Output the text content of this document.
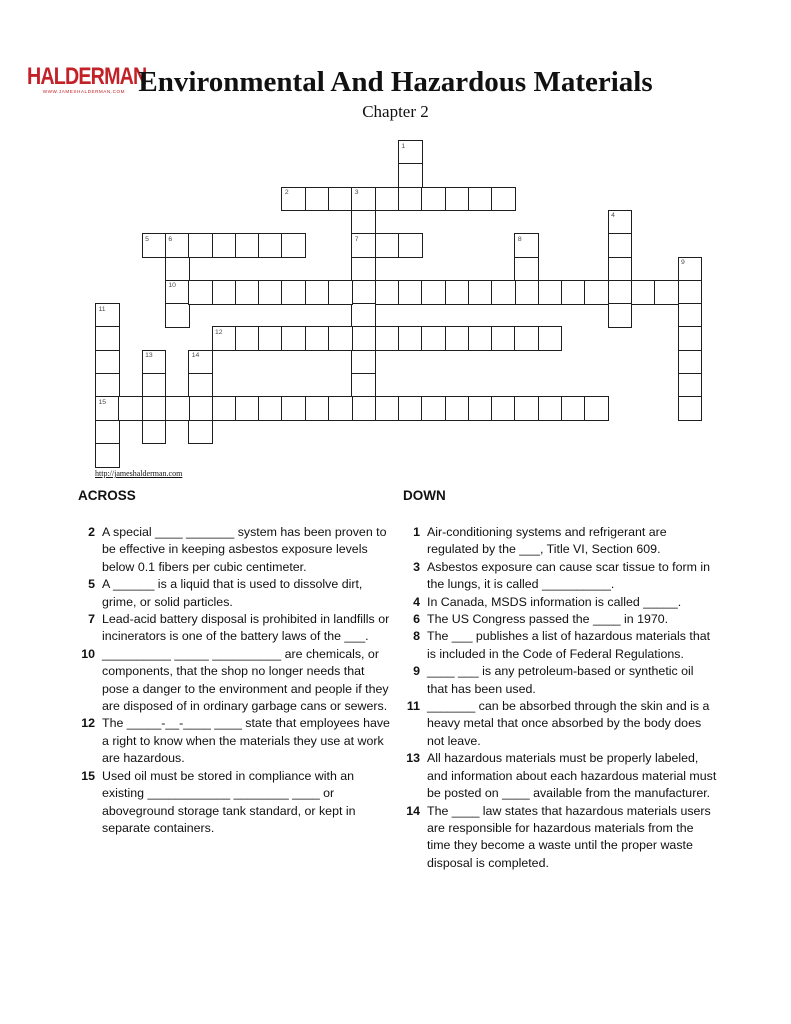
HALDERMAN
WWW.JAMESHALDERMAN.COM Environmental And Hazardous Materials
Chapter 2
1
2	3
7
4
5	6
10
8
9
11
15
12
13	14
http://jameshalderman.com
ACROSS	DOWN
2 A special ____ _______ system has been proven to be effective in keeping asbestos exposure levels below 0.1 fibers per cubic centimeter.
5 A ______ is a liquid that is used to dissolve dirt, grime, or solid particles.
7 Lead-acid battery disposal is prohibited in landfills or incinerators is one of the battery laws of the ___.
10 __________ _____ __________ are chemicals, or components, that the shop no longer needs that pose a danger to the environment and people if they are disposed of in ordinary garbage cans or sewers.
12 The _____-__-____ ____ state that employees have a right to know when the materials they use at work are hazardous.
15 Used oil must be stored in compliance with an existing ____________ ________ ____ or aboveground storage tank standard, or kept in separate containers.
1 Air-conditioning systems and refrigerant are regulated by the ___, Title VI, Section 609.
3 Asbestos exposure can cause scar tissue to form in the lungs, it is called __________.
4 In Canada, MSDS information is called _____.
6 The US Congress passed the ____ in 1970.
8 The ___ publishes a list of hazardous materials that is included in the Code of Federal Regulations.
9 ____ ___ is any petroleum-based or synthetic oil that has been used.
11 _______ can be absorbed through the skin and is a heavy metal that once absorbed by the body does not leave.
13 All hazardous materials must be properly labeled, and information about each hazardous material must be posted on ____ available from the manufacturer.
14 The ____ law states that hazardous materials users are responsible for hazardous materials from the time they become a waste until the proper waste disposal is completed.
